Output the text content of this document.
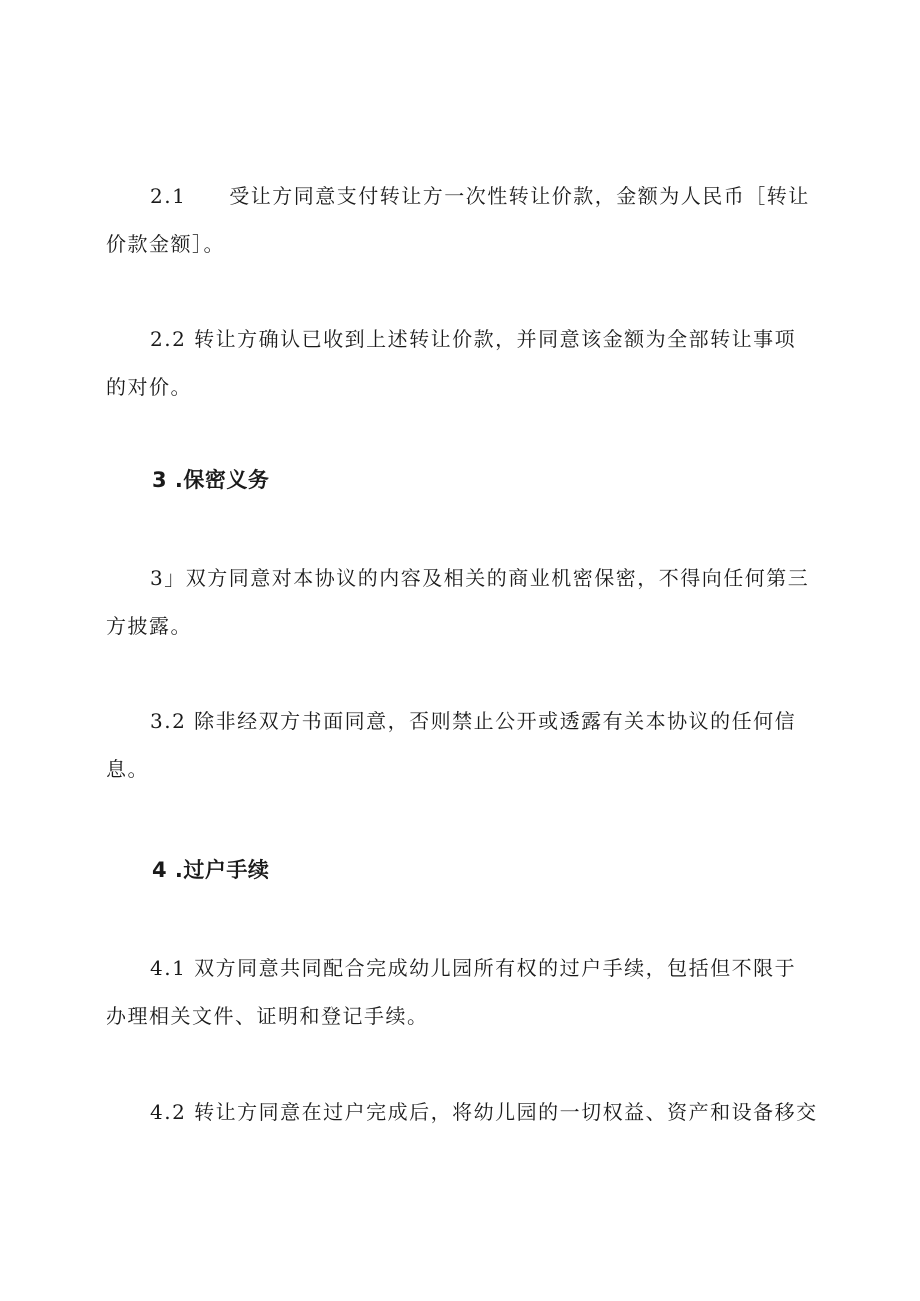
2.1　　受让方同意支付转让方一次性转让价款，金额为人民币［转让
价款金额］。

2.2 转让方确认已收到上述转让价款，并同意该金额为全部转让事项
的对价。

3 .保密义务

3」双方同意对本协议的内容及相关的商业机密保密，不得向任何第三
方披露。

3.2 除非经双方书面同意，否则禁止公开或透露有关本协议的任何信
息。

4 .过户手续

4.1 双方同意共同配合完成幼儿园所有权的过户手续，包括但不限于
办理相关文件、证明和登记手续。

4.2 转让方同意在过户完成后，将幼儿园的一切权益、资产和设备移交
